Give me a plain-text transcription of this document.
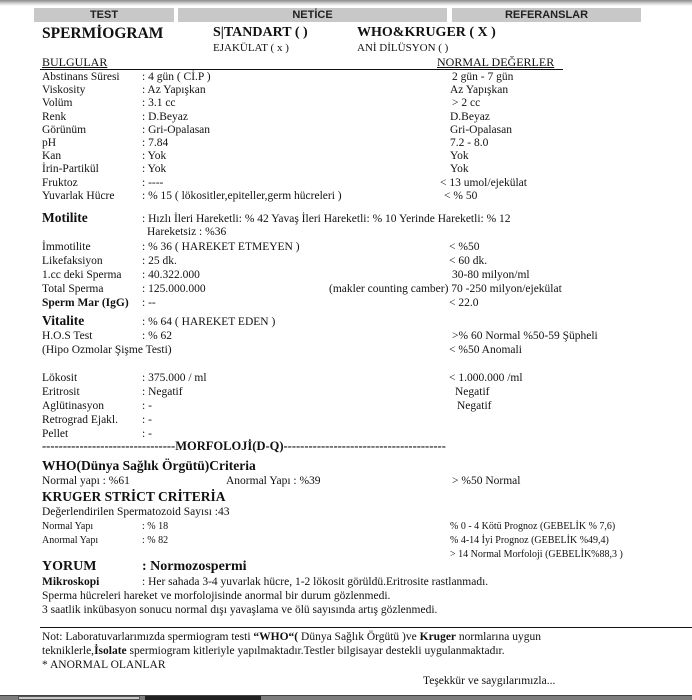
TEST	NETİCE	REFERANSLAR
SPERMİOGRAM	S|TANDART ( )	WHO&KRUGER ( X )
EJAKÜLAT ( x )	ANİ DİLÜSYON ( )
BULGULAR	NORMAL DEĞERLER
Abstinans Süresi : 4 gün ( Cİ.P )	2 gün - 7 gün
Viskosity	: Az Yapışkan	Az Yapışkan
Volüm	: 3.1 cc	> 2 cc
Renk	: D.Beyaz	D.Beyaz
Görünüm	: Gri-Opalasan	Gri-Opalasan
pH	: 7.84	7.2 - 8.0
Kan	: Yok	Yok
İrin-Partikül	: Yok	Yok
Fruktoz	: ----	< 13 umol/ejekülat
Yuvarlak Hücre : % 15 ( lökositler,epiteller,germ hücreleri )	< % 50
Motilite	: Hızlı İleri Hareketli: % 42 Yavaş İleri Hareketli: % 10 Yerinde Hareketli: % 12
Hareketsiz : %36
İmmotilite	: % 36 ( HAREKET ETMEYEN )	< %50
Likefaksiyon	: 25 dk.	< 60 dk.
1.cc deki Sperma : 40.322.000	30-80 milyon/ml
Total Sperma	: 125.000.000	(makler counting camber) 70 -250 milyon/ejekülat
Sperm Mar (IgG) : --	< 22.0
Vitalite	: % 64 ( HAREKET EDEN )
H.O.S Test	: % 62	>% 60 Normal %50-59 Şüpheli
(Hipo Ozmolar Şişme Testi)	< %50 Anomali
Lökosit	: 375.000 / ml	< 1.000.000 /ml
Eritrosit	: Negatif	Negatif
Aglütinasyon	: -	Negatif
Retrograd Ejakl. : -
Pellet	: -
--------------------------------MORFOLOJİ(D-Q)---------------------------------------
WHO(Dünya Sağlık Örgütü)Criteria
Normal yapı : %61	Anormal Yapı : %39	> %50 Normal
KRUGER STRİCT CRİTERİA
Değerlendirilen Spermatozoid Sayısı :43
Normal Yapı	: % 18
Anormal Yapı	: % 82
% 0 - 4 Kötü Prognoz (GEBELİK % 7,6)
% 4-14 İyi Prognoz (GEBELİK %49,4)
> 14 Normal Morfoloji (GEBELİK%88,3 )
YORUM	: Normozospermi
Mikroskopi	: Her sahada 3-4 yuvarlak hücre, 1-2 lökosit görüldü.Eritrosite rastlanmadı.
Sperma hücreleri hareket ve morfolojisinde anormal bir durum gözlenmedi.
3 saatlik inkübasyon sonucu normal dışı yavaşlama ve ölü sayısında artış gözlenmedi.
Not: Laboratuvarlarımızda spermiogram testi “WHO“( Dünya Sağlık Örgütü )ve Kruger normlarına uygun
tekniklerle,İsolate spermiogram kitleriyle yapılmaktadır.Testler bilgisayar destekli uygulanmaktadır.
* ANORMAL OLANLAR
Teşekkür ve saygılarımızla...
